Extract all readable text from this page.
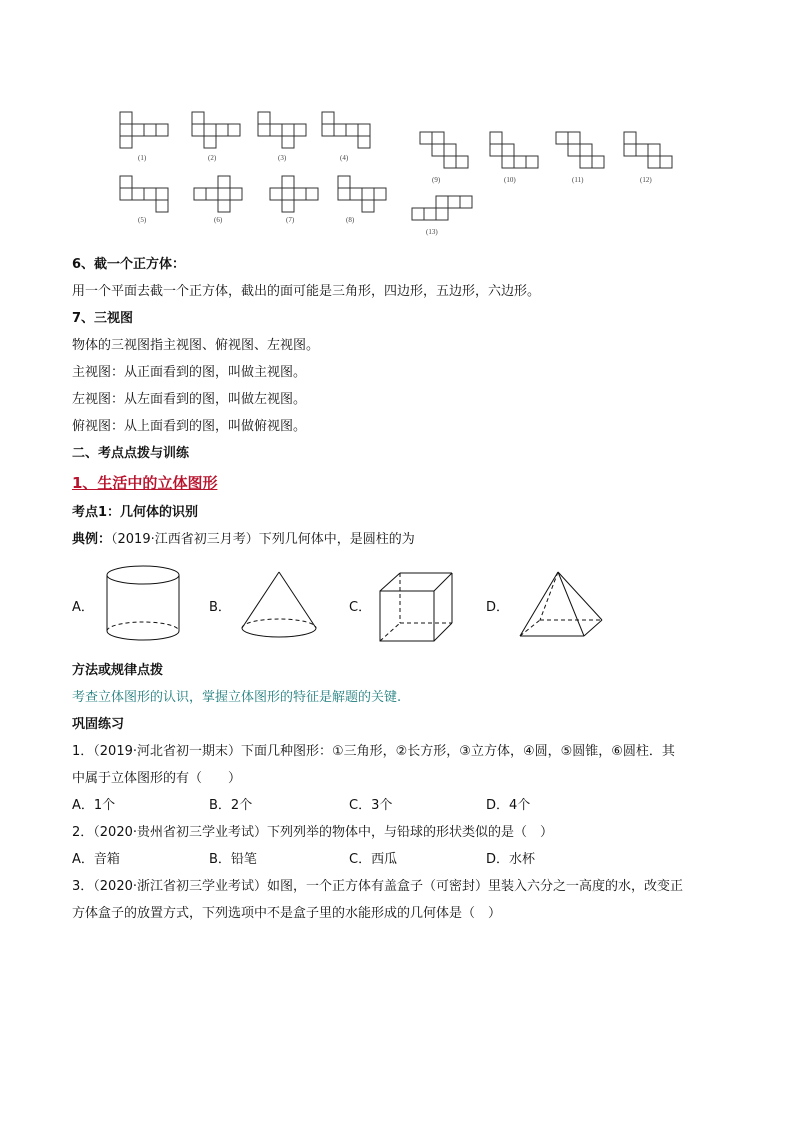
(1)	(2)	(3)	(4)
(5)	(6)	(7)	(8)
(9)	(10)	(11)	(12)
(13)
6、截一个正方体：
用一个平面去截一个正方体，截出的面可能是三角形，四边形，五边形，六边形。
7、三视图
物体的三视图指主视图、俯视图、左视图。
主视图：从正面看到的图，叫做主视图。
左视图：从左面看到的图，叫做左视图。
俯视图：从上面看到的图，叫做俯视图。
二、考点点拨与训练
1、生活中的立体图形
考点1：几何体的识别
典例：（2019·江西省初三月考）下列几何体中，是圆柱的为
A．	B．	C．	D．
方法或规律点拨
考查立体图形的认识，掌握立体图形的特征是解题的关键.
巩固练习
1．（2019·河北省初一期末）下面几种图形：①三角形，②长方形，③立方体，④圆，⑤圆锥，⑥圆柱．其
中属于立体图形的有（　　）
A．1个	B．2个	C．3个	D．4个
2．（2020·贵州省初三学业考试）下列列举的物体中，与铅球的形状类似的是（　）
A．音箱	B．铅笔	C．西瓜	D．水杯
3．（2020·浙江省初三学业考试）如图，一个正方体有盖盒子（可密封）里装入六分之一高度的水，改变正
方体盒子的放置方式，下列选项中不是盒子里的水能形成的几何体是（　）
